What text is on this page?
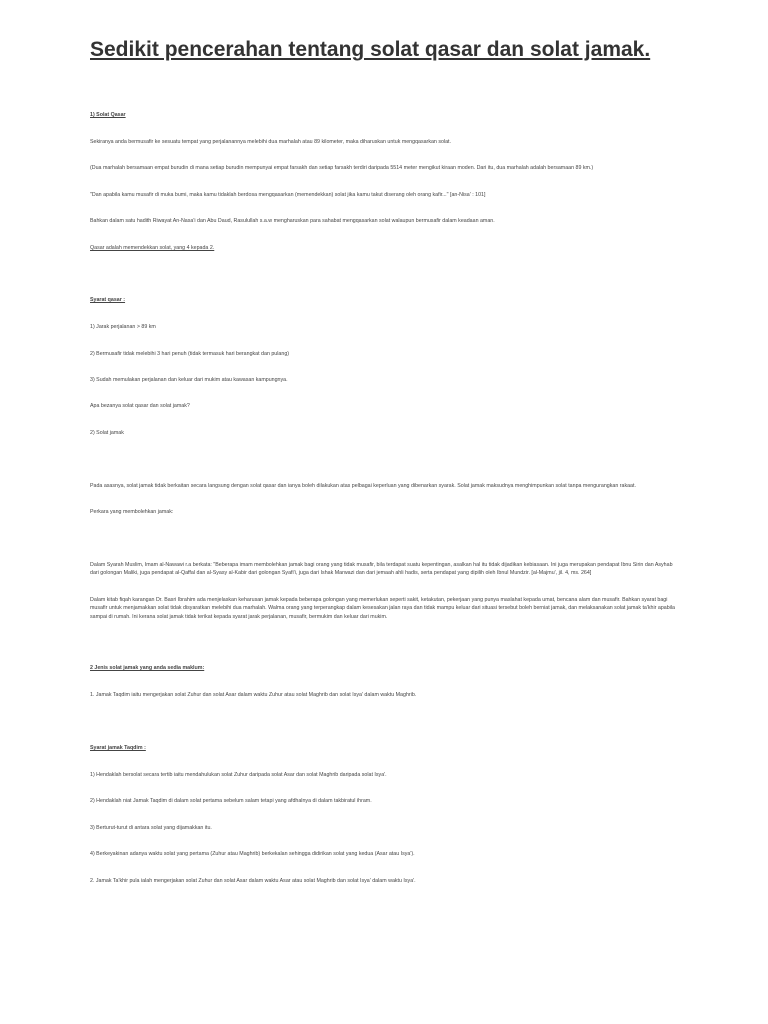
Sedikit pencerahan tentang solat qasar dan solat jamak.

1) Solat Qasar

Sekiranya anda bermusafir ke sesuatu tempat yang perjalanannya melebihi dua marhalah atau 89 kilometer, maka diharuskan untuk mengqasarkan solat.

(Dua marhalah bersamaan empat burudin di mana setiap burudin mempunyai empat farsakh dan setiap farsakh terdiri daripada 5514 meter mengikut kiraan moden. Dari itu, dua marhalah adalah bersamaan 89 km.)

"Dan apabila kamu musafir di muka bumi, maka kamu tidaklah berdosa mengqasarkan (memendekkan) solat jika kamu takut diserang oleh orang kafir..." [an-Nisa' : 101]

Bahkan dalam satu hadith Riwayat An-Nasa'i dan Abu Daud, Rasulullah s.a.w mengharuskan para sahabat mengqasarkan solat walaupun bermusafir dalam keadaan aman.

Qasar adalah memendekkan solat, yang 4 kepada 2.

Syarat qasar :

1) Jarak perjalanan > 89 km

2) Bermusafir tidak melebihi 3 hari penuh (tidak termasuk hari berangkat dan pulang)

3) Sudah memulakan perjalanan dan keluar dari mukim atau kawasan kampungnya.

Apa bezanya solat qasar dan solat jamak?

2) Solat jamak

Pada asasnya, solat jamak tidak berkaitan secara langsung dengan solat qasar dan ianya boleh dilakukan atas pelbagai keperluan yang dibenarkan syarak. Solat jamak maksudnya menghimpunkan solat tanpa mengurangkan rakaat.

Perkara yang membolehkan jamak:

Dalam Syarah Muslim, Imam al-Nawawi r.a berkata: "Beberapa imam membolehkan jamak bagi orang yang tidak musafir, bila terdapat suatu kepentingan, asalkan hal itu tidak dijadikan kebiasaan. Ini juga merupakan pendapat Ibnu Sirin dan Asyhab dari golongan Maliki, juga pendapat al-Qaffal dan al-Syasy al-Kabir dari golongan Syafi'i, juga dari Ishak Marwazi dan dari jemaah ahli hadis, serta pendapat yang dipilih oleh Ibnul Mundzir. [al-Majmu', jil. 4, ms. 264]

Dalam kitab fiqah karangan Dr. Basri Ibrahim ada menjelaskan keharusan jamak kepada beberapa golongan yang memerlukan seperti sakit, ketakutan, pekerjaan yang punya maslahat kepada umat, bencana alam dan musafir. Bahkan syarat bagi musafir untuk menjamakkan solat tidak disyaratkan melebihi dua marhalah. Walma orang yang terperangkap dalam kesesakan jalan raya dan tidak mampu keluar dari situasi tersebut boleh berniat jamak, dan melaksanakan solat jamak ta'khir apabila sampai di rumah. Ini kerana solat jamak tidak terikat kepada syarat jarak perjalanan, musafir, bermukim dan keluar dari mukim.

2 Jenis solat jamak yang anda sedia maklum:

1. Jamak Taqdim iaitu mengerjakan solat Zuhur dan solat Asar dalam waktu Zuhur atau solat Maghrib dan solat Isya' dalam waktu Maghrib.

Syarat jamak Taqdim :

1) Hendaklah bersolat secara tertib iaitu mendahulukan solat Zuhur daripada solat Asar dan solat Maghrib daripada solat Isya'.

2) Hendaklah niat Jamak Taqdim di dalam solat pertama sebelum salam tetapi yang afdhalnya di dalam takbiratul ihram.

3) Berturut-turut di antara solat yang dijamakkan itu.

4) Berkeyakinan adanya waktu solat yang pertama (Zuhur atau Maghrib) berkekalan sehingga didirikan solat yang kedua (Asar atau Isya').

2. Jamak Ta'khir pula ialah mengerjakan solat Zuhur dan solat Asar dalam waktu Asar atau solat Maghrib dan solat Isya' dalam waktu Isya'.
